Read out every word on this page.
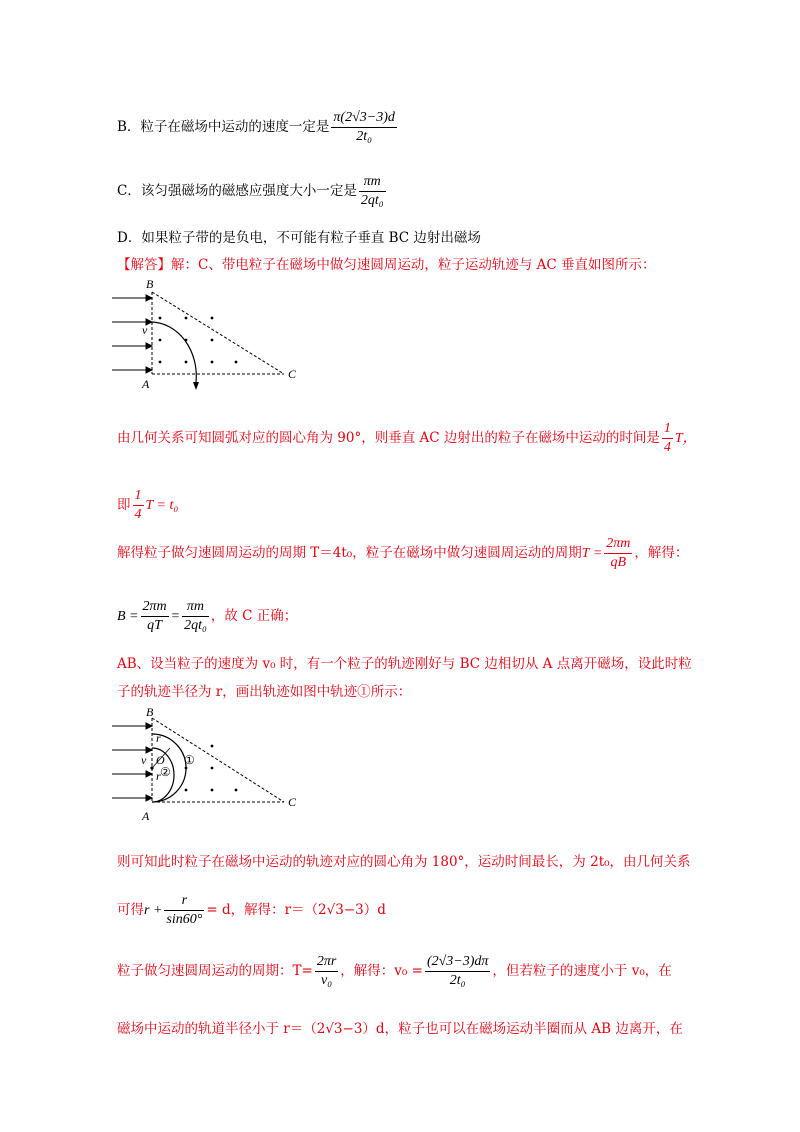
B．粒子在磁场中运动的速度一定是 $\frac{\pi(2√3-3)d}{\text{2t₀}}$
C．该匀强磁场的磁感应强度大小一定是 $\frac{\pi m}{\text{2qt₀}}$
D．如果粒子带的是负电，不可能有粒子垂直 BC 边射出磁场
【解答】解：C、带电粒子在磁场中做匀速圆周运动，粒子运动轨迹与 AC 垂直如图所示：
B
A
C
v
由几何关系可知圆弧对应的圆心角为 90°，则垂直 AC 边射出的粒子在磁场中运动的时间是 $\frac{1}{4}$ T，
即 $\frac{1}{4}$ T = t₀
解得粒子做匀速圆周运动的周期 T＝4t₀，粒子在磁场中做匀速圆周运动的周期$T = \frac{2\pi m}{qB}$ ，解得：
$B = \frac{2\pi m}{qT} = \frac{\pi m}{\text{2qt₀}}$ ，故 C 正确；
AB、设当粒子的速度为 v₀ 时，有一个粒子的轨迹刚好与 BC 边相切从 A 点离开磁场，设此时粒
子的轨迹半径为 r，画出轨迹如图中轨迹①所示：
B
A
C
v O
r
r
①
②
则可知此时粒子在磁场中运动的轨迹对应的圆心角为 180°，运动时间最长，为 2t₀，由几何关系
可得$r + \frac{r}{\sin 60^\circ} = d$，解得：r＝（2√3−3）d
粒子做匀速圆周运动的周期：$T= \frac{2\pi r}{\text{v₀}}$ ，解得：$v_0 = \frac{(2√3-3)d\pi}{\text{2t₀}}$ ，但若粒子的速度小于 v₀，在
磁场中运动的轨道半径小于 r＝（2√3−3）d，粒子也可以在磁场运动半圈而从 AB 边离开，在
